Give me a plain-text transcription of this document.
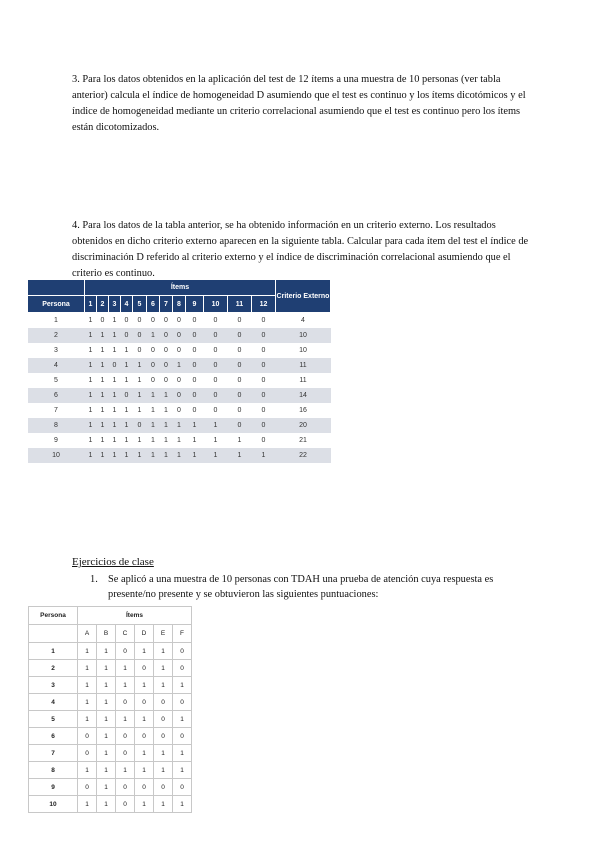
3. Para los datos obtenidos en la aplicación del test de 12 ítems a una muestra de 10 personas (ver tabla anterior) calcula el índice de homogeneidad D asumiendo que el test es continuo y los ítems dicotómicos y el índice de homogeneidad mediante un criterio correlacional asumiendo que el test es continuo pero los ítems están dicotomizados.

4. Para los datos de la tabla anterior, se ha obtenido información en un criterio externo. Los resultados obtenidos en dicho criterio externo aparecen en la siguiente tabla. Calcular para cada ítem del test el índice de discriminación D referido al criterio externo y el índice de discriminación correlacional asumiendo que el criterio es continuo.

	Ítems												Criterio Externo
Persona	1	2	3	4	5	6	7	8	9	10	11	12	
1	1	0	1	0	0	0	0	0	0	0	0	0	4
2	1	1	1	0	0	1	0	0	0	0	0	0	10
3	1	1	1	1	0	0	0	0	0	0	0	0	10
4	1	1	0	1	1	0	0	1	0	0	0	0	11
5	1	1	1	1	1	0	0	0	0	0	0	0	11
6	1	1	1	0	1	1	1	0	0	0	0	0	14
7	1	1	1	1	1	1	1	0	0	0	0	0	16
8	1	1	1	1	0	1	1	1	1	1	0	0	20
9	1	1	1	1	1	1	1	1	1	1	1	0	21
10	1	1	1	1	1	1	1	1	1	1	1	1	22
Ejercicios de clase
1. Se aplicó a una muestra de 10 personas con TDAH una prueba de atención cuya respuesta es presente/no presente y se obtuvieron las siguientes puntuaciones:
Persona	Ítems					
	A	B	C	D	E	F
1	1	1	0	1	1	0
2	1	1	1	0	1	0
3	1	1	1	1	1	1
4	1	1	0	0	0	0
5	1	1	1	1	0	1
6	0	1	0	0	0	0
7	0	1	0	1	1	1
8	1	1	1	1	1	1
9	0	1	0	0	0	0
10	1	1	0	1	1	1
